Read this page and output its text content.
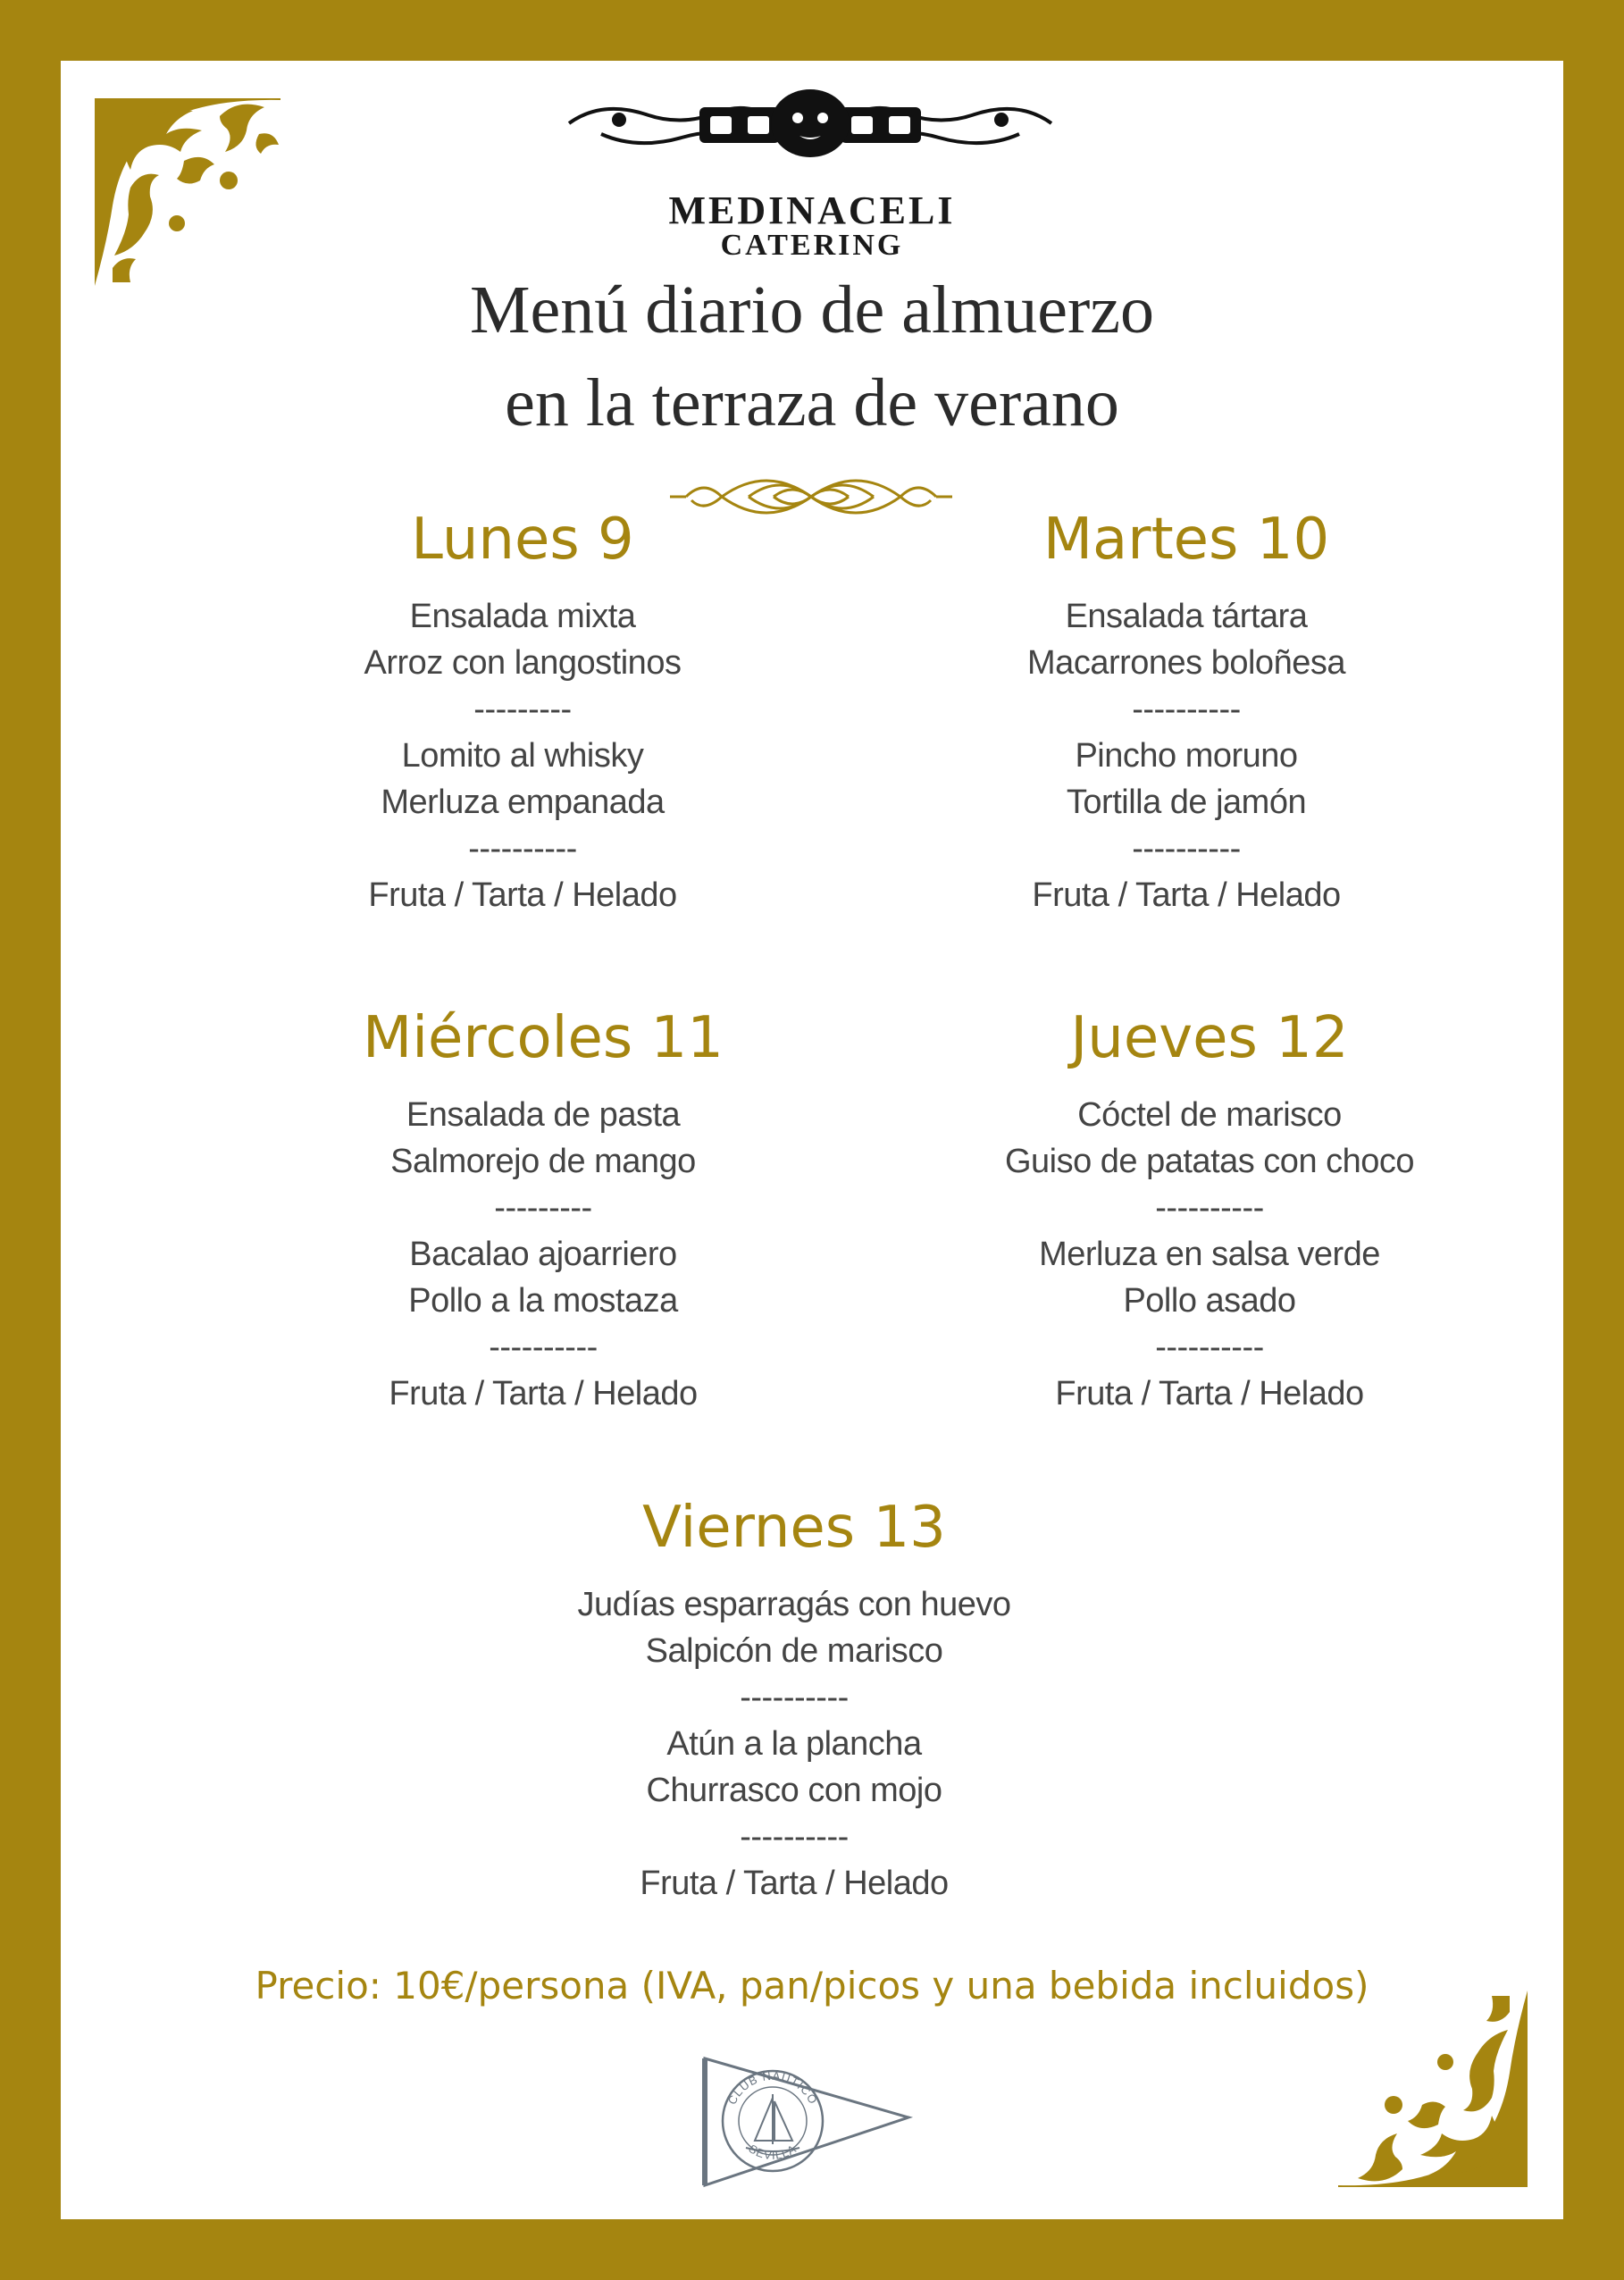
MEDINACELI
CATERING
Menú diario de almuerzo
en la terraza de verano
Lunes 9
Ensalada mixta
Arroz con langostinos
---------
Lomito al whisky
Merluza empanada
----------
Fruta / Tarta / Helado
Martes 10
Ensalada tártara
Macarrones boloñesa
----------
Pincho moruno
Tortilla de jamón
----------
Fruta / Tarta / Helado
Miércoles 11
Ensalada de pasta
Salmorejo de mango
---------
Bacalao ajoarriero
Pollo a la mostaza
----------
Fruta / Tarta / Helado
Jueves 12
Cóctel de marisco
Guiso de patatas con choco
----------
Merluza en salsa verde
Pollo asado
----------
Fruta / Tarta / Helado
Viernes 13
Judías esparragás con huevo
Salpicón de marisco
----------
Atún a la plancha
Churrasco con mojo
----------
Fruta / Tarta / Helado
Precio: 10€/persona (IVA, pan/picos y una bebida incluidos)
CLUB NÁUTICO
SEVILLA
